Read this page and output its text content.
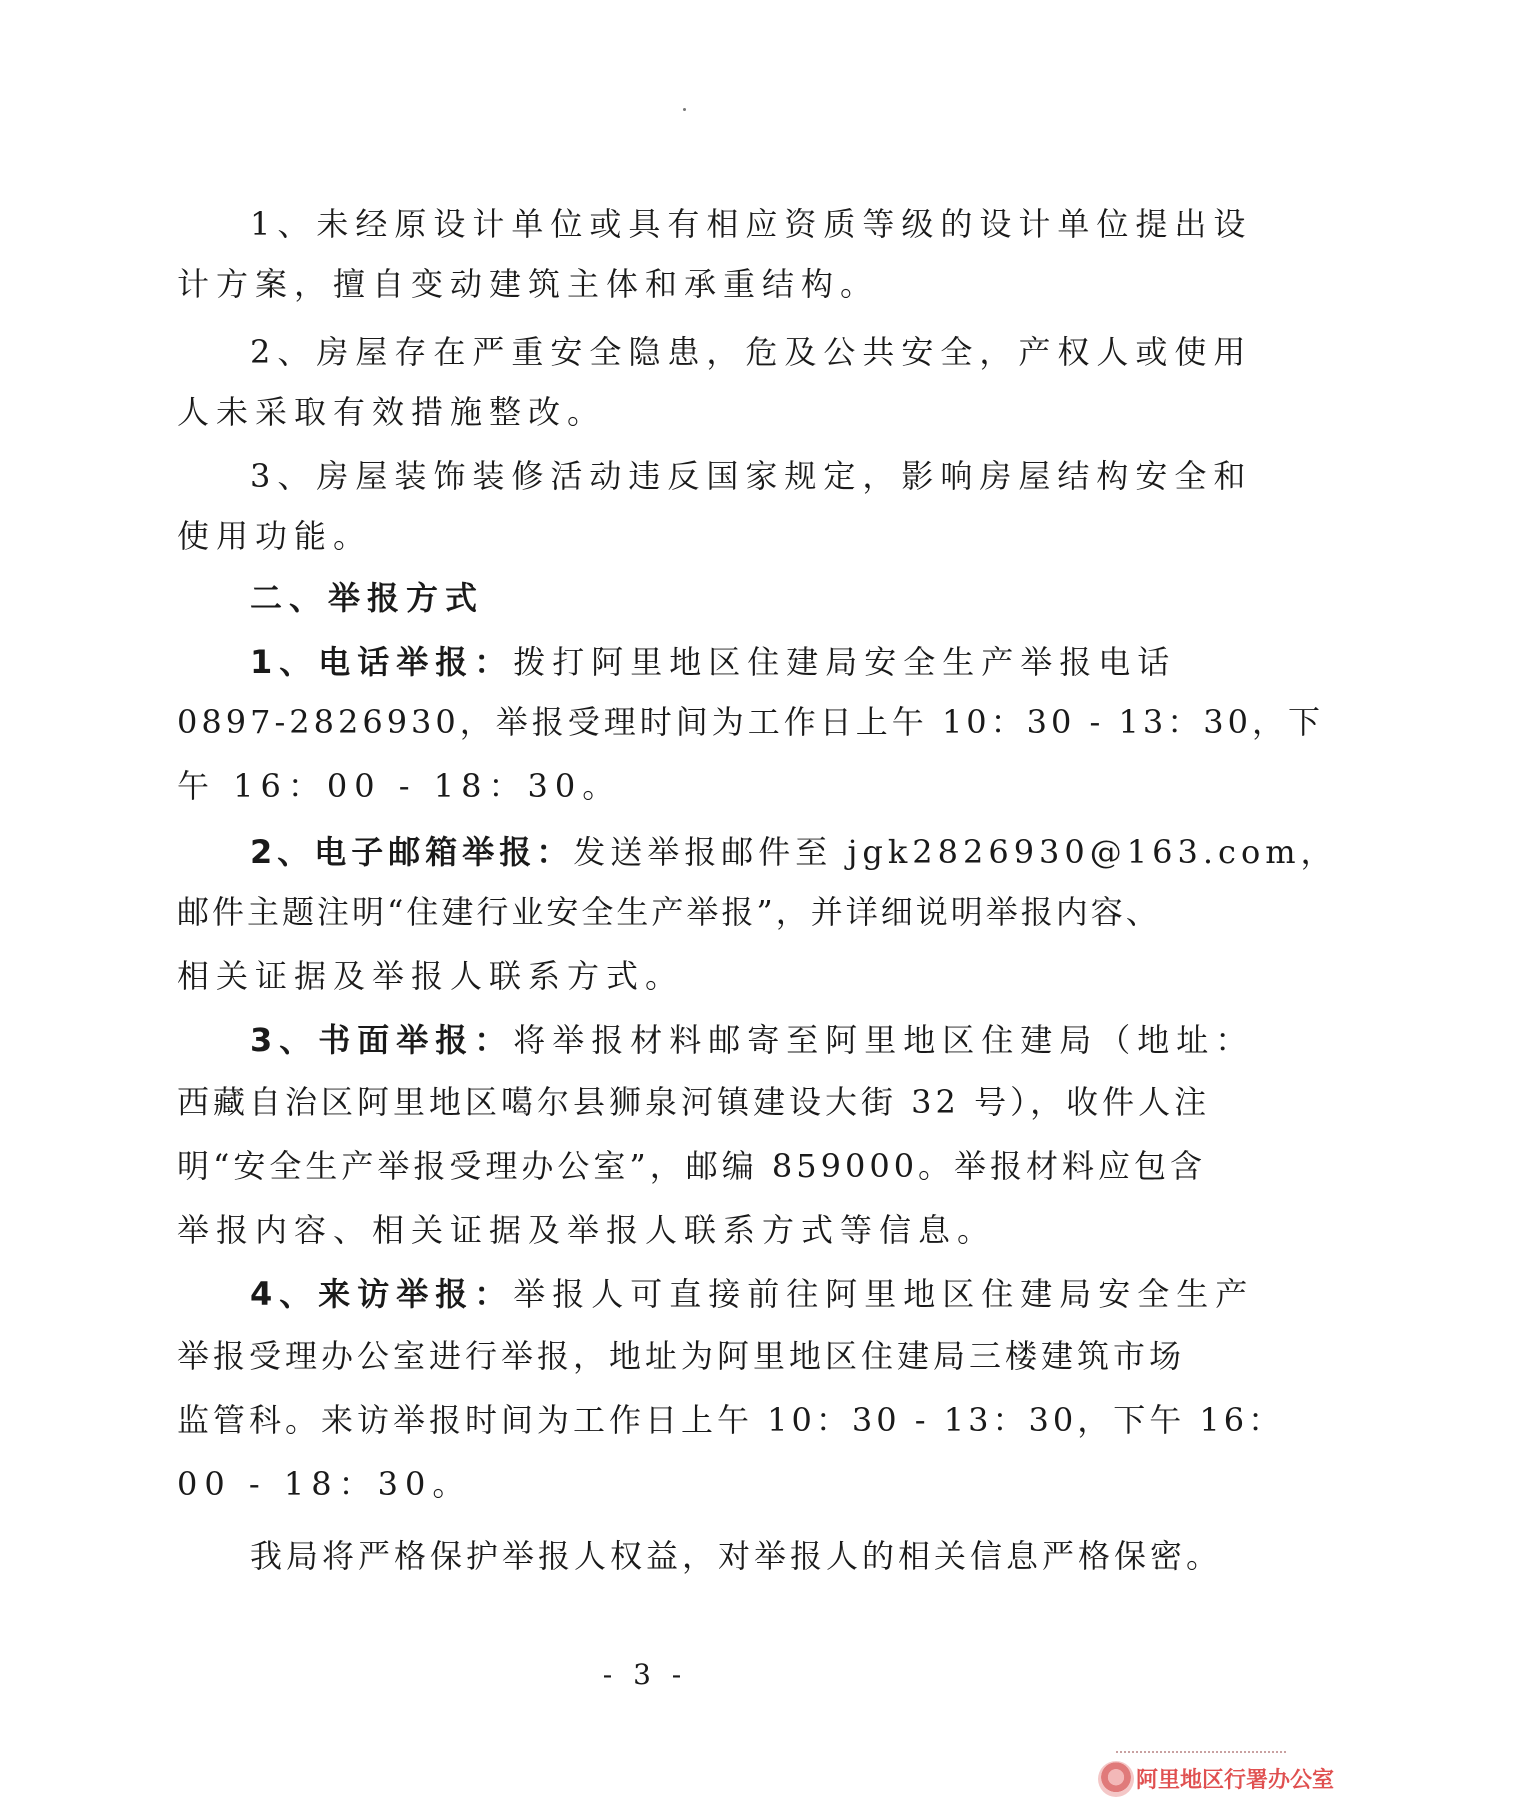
1、未经原设计单位或具有相应资质等级的设计单位提出设
计方案，擅自变动建筑主体和承重结构。
2、房屋存在严重安全隐患，危及公共安全，产权人或使用
人未采取有效措施整改。
3、房屋装饰装修活动违反国家规定，影响房屋结构安全和
使用功能。
二、举报方式
1、电话举报：拨打阿里地区住建局安全生产举报电话
0897-2826930，举报受理时间为工作日上午 10：30 - 13：30，下
午 16：00 - 18：30。
2、电子邮箱举报：发送举报邮件至 jgk2826930@163.com，
邮件主题注明“住建行业安全生产举报”，并详细说明举报内容、
相关证据及举报人联系方式。
3、书面举报：将举报材料邮寄至阿里地区住建局（地址：
西藏自治区阿里地区噶尔县狮泉河镇建设大街 32 号），收件人注
明“安全生产举报受理办公室”，邮编 859000。举报材料应包含
举报内容、相关证据及举报人联系方式等信息。
4、来访举报：举报人可直接前往阿里地区住建局安全生产
举报受理办公室进行举报，地址为阿里地区住建局三楼建筑市场
监管科。来访举报时间为工作日上午 10：30 - 13：30，下午 16：
00 - 18：30。
我局将严格保护举报人权益，对举报人的相关信息严格保密。
- 3 -
阿里地区行署办公室
